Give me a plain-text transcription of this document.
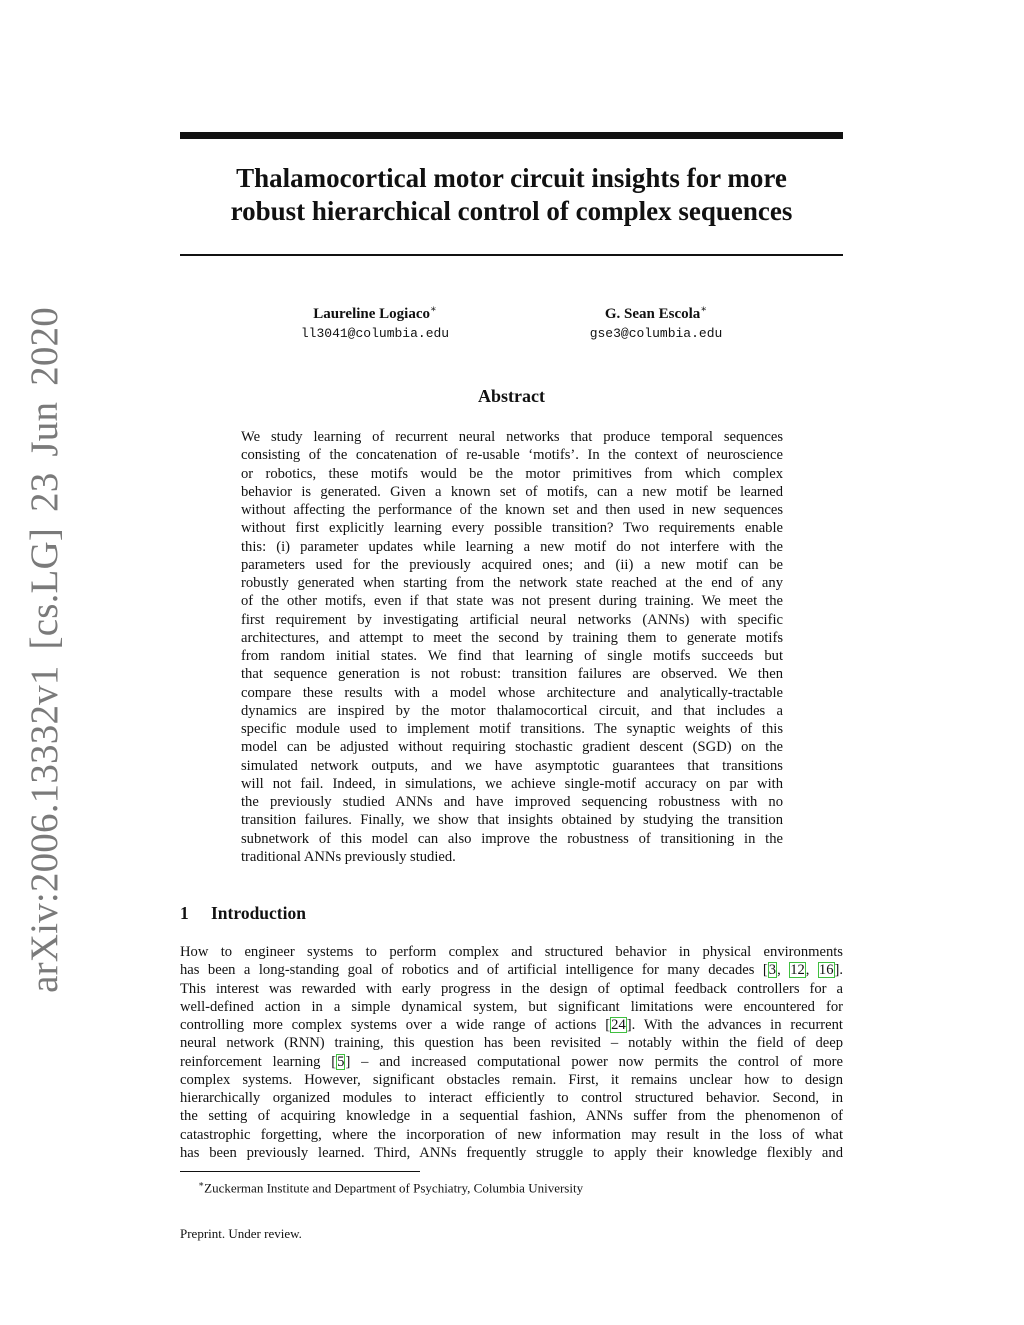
arXiv:2006.13332v1 [cs.LG] 23 Jun 2020
Thalamocortical motor circuit insights for more
robust hierarchical control of complex sequences
Laureline Logiaco∗
ll3041@columbia.edu
G. Sean Escola∗
gse3@columbia.edu
Abstract
We study learning of recurrent neural networks that produce temporal sequences
consisting of the concatenation of re-usable ‘motifs’. In the context of neuroscience
or robotics, these motifs would be the motor primitives from which complex
behavior is generated. Given a known set of motifs, can a new motif be learned
without affecting the performance of the known set and then used in new sequences
without first explicitly learning every possible transition? Two requirements enable
this: (i) parameter updates while learning a new motif do not interfere with the
parameters used for the previously acquired ones; and (ii) a new motif can be
robustly generated when starting from the network state reached at the end of any
of the other motifs, even if that state was not present during training. We meet the
first requirement by investigating artificial neural networks (ANNs) with specific
architectures, and attempt to meet the second by training them to generate motifs
from random initial states. We find that learning of single motifs succeeds but
that sequence generation is not robust: transition failures are observed. We then
compare these results with a model whose architecture and analytically-tractable
dynamics are inspired by the motor thalamocortical circuit, and that includes a
specific module used to implement motif transitions. The synaptic weights of this
model can be adjusted without requiring stochastic gradient descent (SGD) on the
simulated network outputs, and we have asymptotic guarantees that transitions
will not fail. Indeed, in simulations, we achieve single-motif accuracy on par with
the previously studied ANNs and have improved sequencing robustness with no
transition failures. Finally, we show that insights obtained by studying the transition
subnetwork of this model can also improve the robustness of transitioning in the
traditional ANNs previously studied.
1 Introduction
How to engineer systems to perform complex and structured behavior in physical environments
has been a long-standing goal of robotics and of artificial intelligence for many decades [3, 12, 16].
This interest was rewarded with early progress in the design of optimal feedback controllers for a
well-defined action in a simple dynamical system, but significant limitations were encountered for
controlling more complex systems over a wide range of actions [24]. With the advances in recurrent
neural network (RNN) training, this question has been revisited – notably within the field of deep
reinforcement learning [5] – and increased computational power now permits the control of more
complex systems. However, significant obstacles remain. First, it remains unclear how to design
hierarchically organized modules to interact efficiently to control structured behavior. Second, in
the setting of acquiring knowledge in a sequential fashion, ANNs suffer from the phenomenon of
catastrophic forgetting, where the incorporation of new information may result in the loss of what
has been previously learned. Third, ANNs frequently struggle to apply their knowledge flexibly and
∗Zuckerman Institute and Department of Psychiatry, Columbia University
Preprint. Under review.
